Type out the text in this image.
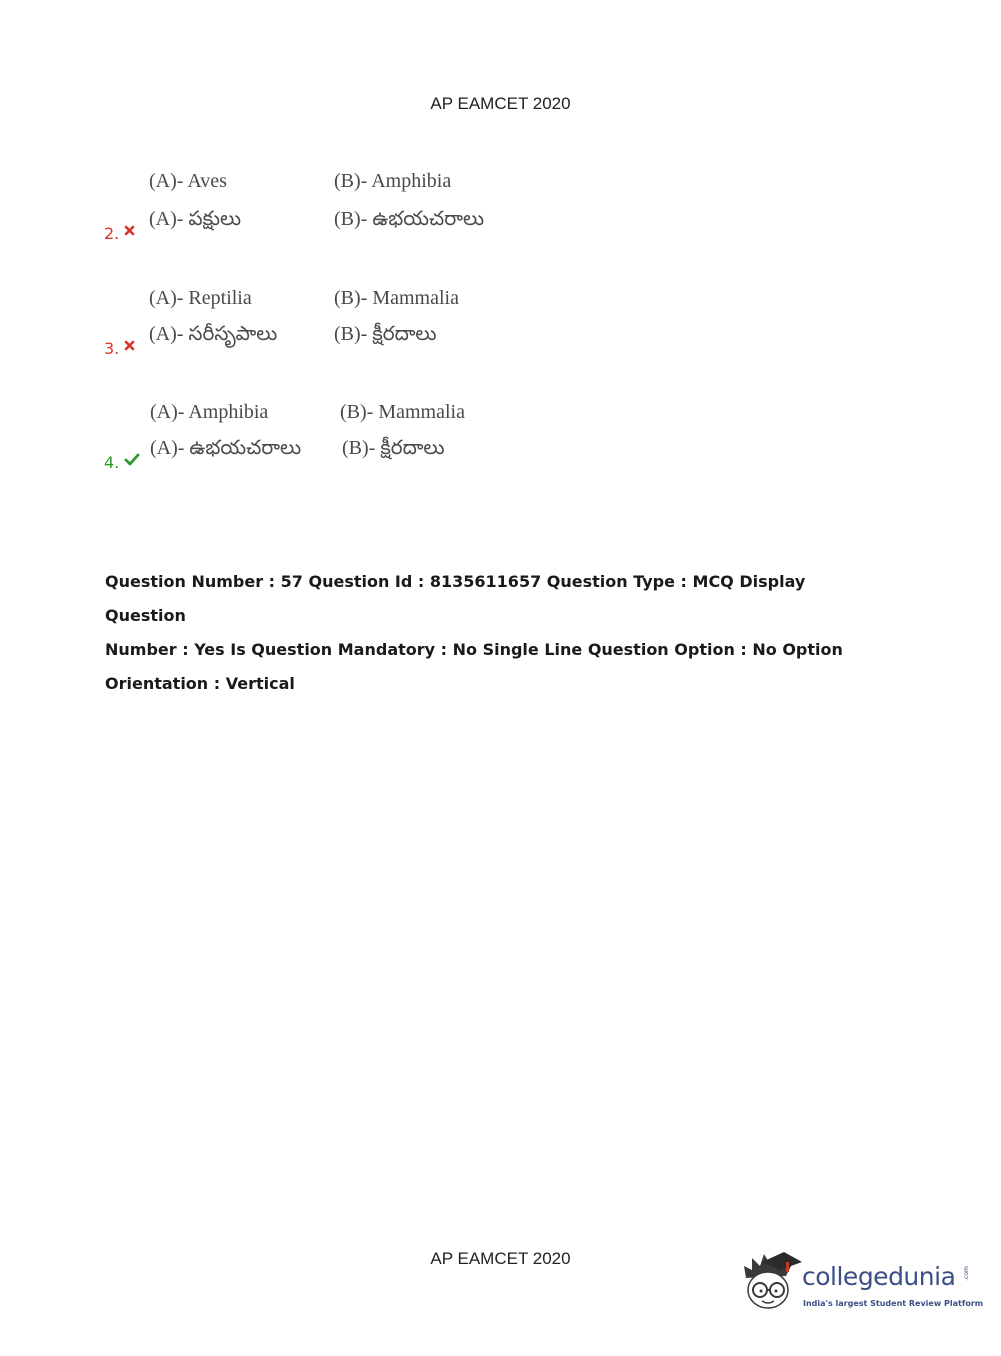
AP EAMCET 2020
(A)- Aves	(B)- Amphibia
2.
(A)- పక్షులు	(B)- ఉభయచరాలు
(A)- Reptilia	(B)- Mammalia
3.
(A)- సరీసృపాలు	(B)- క్షీరదాలు
(A)- Amphibia	(B)- Mammalia
4.
(A)- ఉభయచరాలు (B)- క్షీరదాలు
Question Number : 57 Question Id : 8135611657 Question Type : MCQ Display Question
Number : Yes Is Question Mandatory : No Single Line Question Option : No Option
Orientation : Vertical
AP EAMCET 2020
collegedunia .com
India's largest Student Review Platform
